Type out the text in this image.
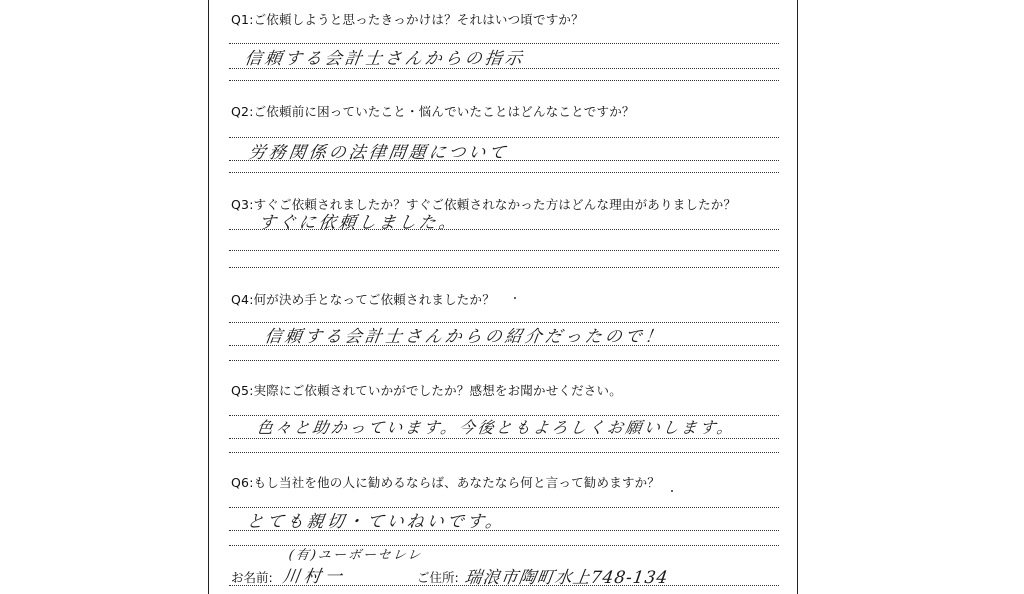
Q1:ご依頼しようと思ったきっかけは？それはいつ頃ですか？
信頼する会計士さんからの指示
Q2:ご依頼前に困っていたこと・悩んでいたことはどんなことですか？
労務関係の法律問題について
Q3:すぐご依頼されましたか？すぐご依頼されなかった方はどんな理由がありましたか？
すぐに依頼しました。
Q4:何が決め手となってご依頼されましたか？
信頼する会計士さんからの紹介だったので！
Q5:実際にご依頼されていかがでしたか？感想をお聞かせください。
色々と助かっています。今後ともよろしくお願いします。
Q6:もし当社を他の人に勧めるならば、あなたなら何と言って勧めますか？
とても親切・ていねいです。
お名前:
(有)ユーボーセレレ
川村一	ご住所: 瑞浪市陶町水上748-134
